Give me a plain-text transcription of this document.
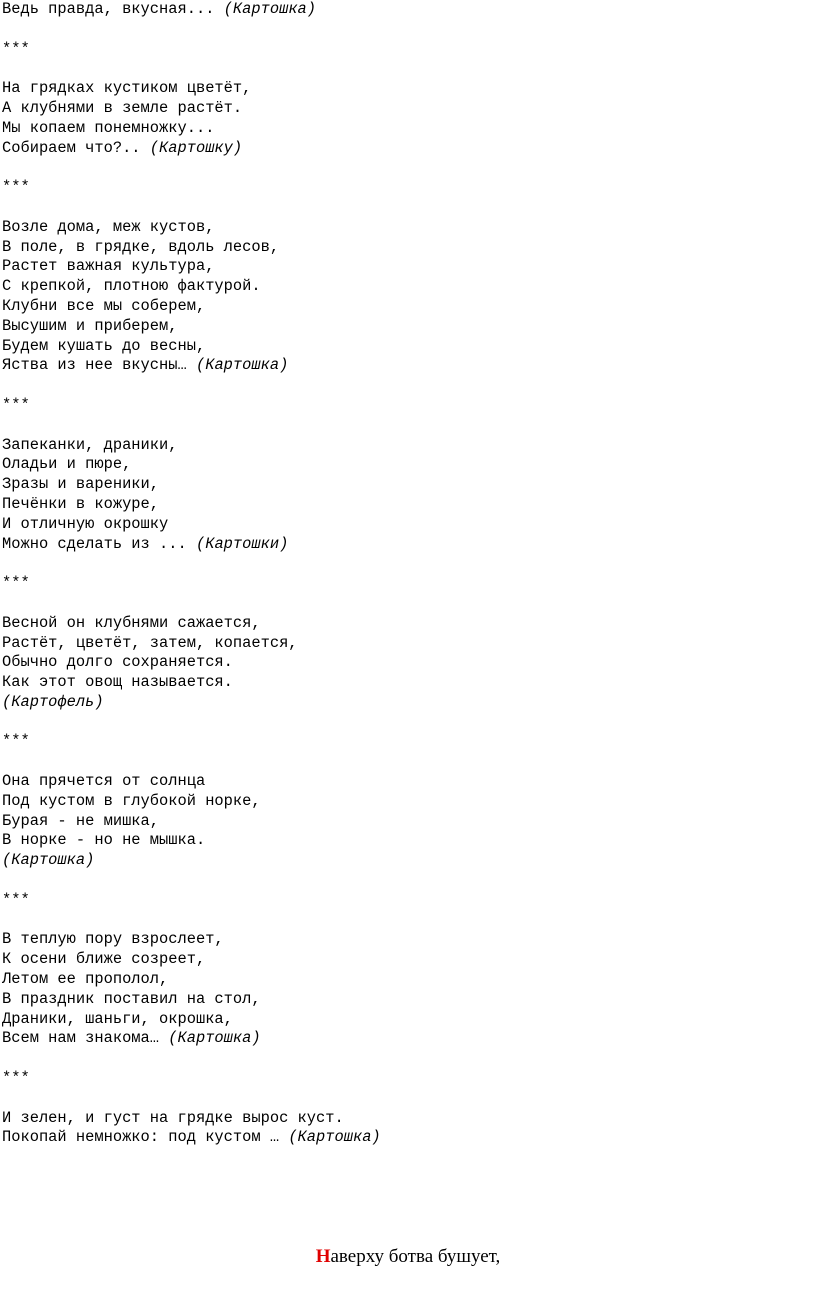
Ведь правда, вкусная... (Картошка)
***
На грядках кустиком цветёт,
А клубнями в земле растёт.
Мы копаем понемножку...
Собираем что?.. (Картошку)
***
Возле дома, меж кустов,
В поле, в грядке, вдоль лесов,
Растет важная культура,
С крепкой, плотною фактурой.
Клубни все мы соберем,
Высушим и приберем,
Будем кушать до весны,
Яства из нее вкусны… (Картошка)
***
Запеканки, драники,
Оладьи и пюре,
Зразы и вареники,
Печёнки в кожуре,
И отличную окрошку
Можно сделать из ... (Картошки)
***
Весной он клубнями сажается,
Растёт, цветёт, затем, копается,
Обычно долго сохраняется.
Как этот овощ называется.
(Картофель)
***
Она прячется от солнца
Под кустом в глубокой норке,
Бурая - не мишка,
В норке - но не мышка.
(Картошка)
***
В теплую пору взрослеет,
К осени ближе созреет,
Летом ее прополол,
В праздник поставил на стол,
Драники, шаньги, окрошка,
Всем нам знакома… (Картошка)
***
И зелен, и густ на грядке вырос куст.
Покопай немножко: под кустом … (Картошка)
Наверху ботва бушует,
